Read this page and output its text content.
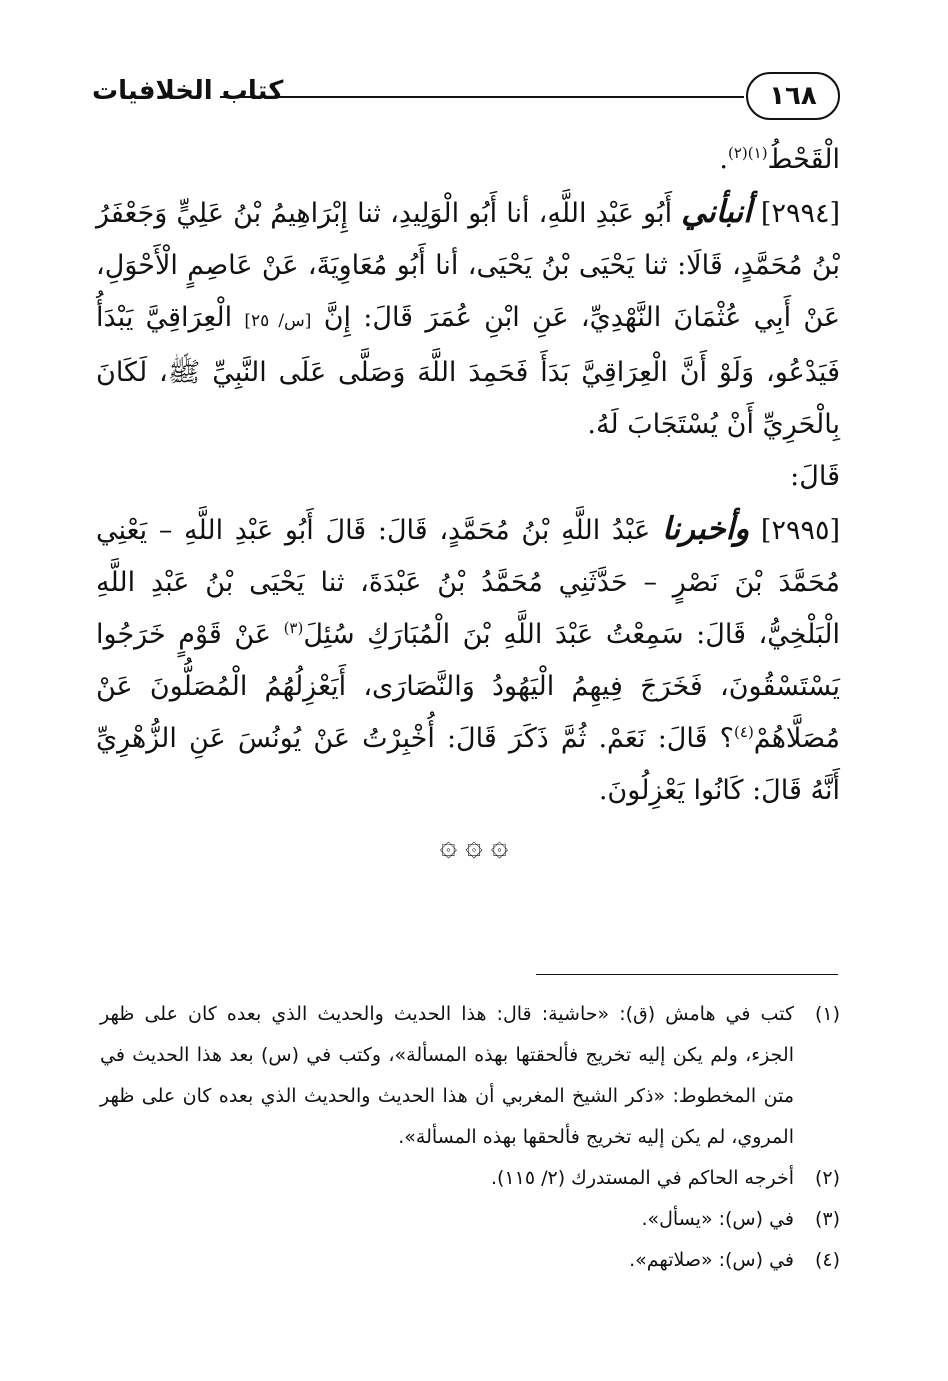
كتاب الخلافيات	١٦٨

الْقَحْطُ$^{(١)(٢)}$.

[٢٩٩٤] أنبأني أَبُو عَبْدِ اللَّهِ، أنا أَبُو الْوَلِيدِ، ثنا إِبْرَاهِيمُ بْنُ عَلِيٍّ وَجَعْفَرُ بْنُ مُحَمَّدٍ، قَالَا: ثنا يَحْيَى بْنُ يَحْيَى، أنا أَبُو مُعَاوِيَةَ، عَنْ عَاصِمٍ الْأَحْوَلِ، عَنْ أَبِي عُثْمَانَ النَّهْدِيِّ، عَنِ ابْنِ عُمَرَ قَالَ: إِنَّ [س/ ٢٥] الْعِرَاقِيَّ يَبْدَأُ فَيَدْعُو، وَلَوْ أَنَّ الْعِرَاقِيَّ بَدَأَ فَحَمِدَ اللَّهَ وَصَلَّى عَلَى النَّبِيِّ ﷺ، لَكَانَ بِالْحَرِيِّ أَنْ يُسْتَجَابَ لَهُ.

قَالَ:

[٢٩٩٥] وأخبرنا عَبْدُ اللَّهِ بْنُ مُحَمَّدٍ، قَالَ: قَالَ أَبُو عَبْدِ اللَّهِ – يَعْنِي مُحَمَّدَ بْنَ نَصْرٍ – حَدَّثَنِي مُحَمَّدُ بْنُ عَبْدَةَ، ثنا يَحْيَى بْنُ عَبْدِ اللَّهِ الْبَلْخِيُّ، قَالَ: سَمِعْتُ عَبْدَ اللَّهِ بْنَ الْمُبَارَكِ سُئِلَ$^{(٣)}$ عَنْ قَوْمٍ خَرَجُوا يَسْتَسْقُونَ، فَخَرَجَ فِيهِمُ الْيَهُودُ وَالنَّصَارَى، أَيَعْزِلُهُمُ الْمُصَلُّونَ عَنْ مُصَلَّاهُمْ$^{(٤)}$؟ قَالَ: نَعَمْ. ثُمَّ ذَكَرَ قَالَ: أُخْبِرْتُ عَنْ يُونُسَ عَنِ الزُّهْرِيِّ أَنَّهُ قَالَ: كَانُوا يَعْزِلُونَ.

۞ ۞ ۞

(١)
كتب في هامش (ق): «حاشية: قال: هذا الحديث والحديث الذي بعده كان على ظهر الجزء، ولم يكن إليه تخريج فألحقتها بهذه المسألة»، وكتب في (س) بعد هذا الحديث في متن المخطوط: «ذكر الشيخ المغربي أن هذا الحديث والحديث الذي بعده كان على ظهر المروي، لم يكن إليه تخريج فألحقها بهذه المسألة».

(٢)
أخرجه الحاكم في المستدرك (٢/ ١١٥).

(٣)
في (س): «يسأل».

(٤)
في (س): «صلاتهم».
